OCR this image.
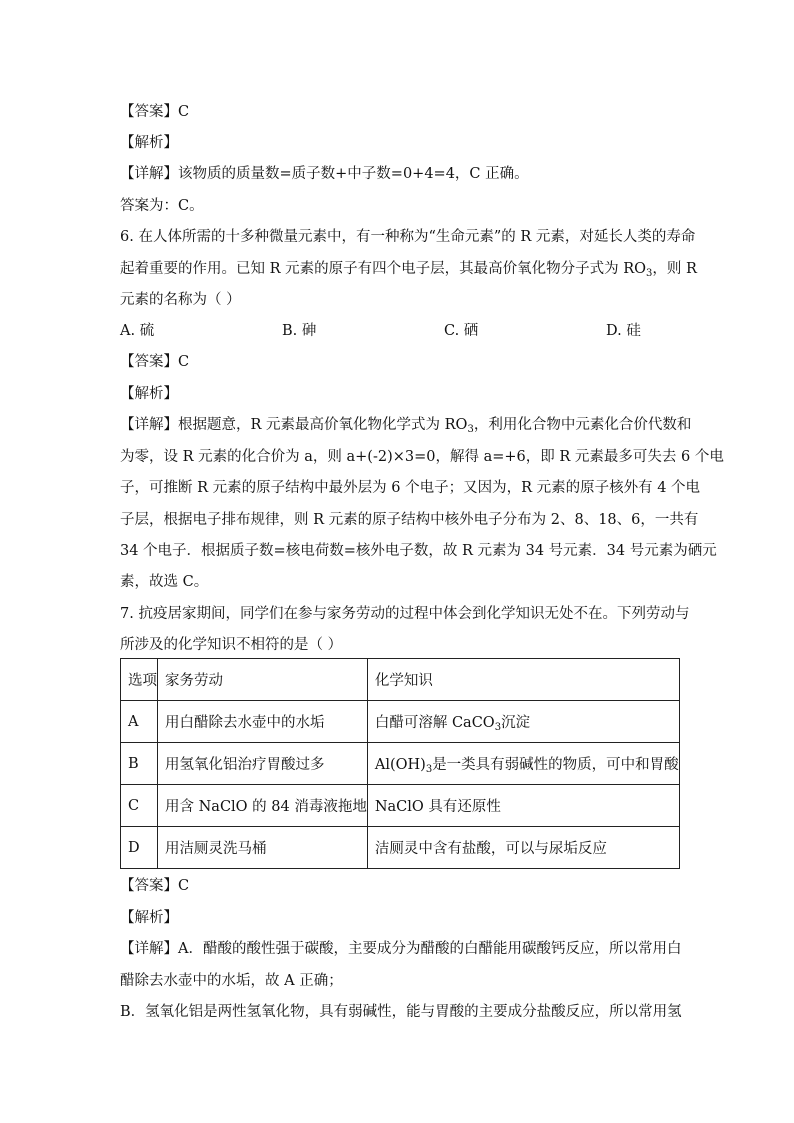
【答案】C
【解析】
【详解】该物质的质量数=质子数+中子数=0+4=4，C 正确。
答案为：C。
6. 在人体所需的十多种微量元素中，有一种称为“生命元素”的 R 元素，对延长人类的寿命
起着重要的作用。已知 R 元素的原子有四个电子层，其最高价氧化物分子式为 $RO_3$，则 R
元素的名称为（ ）
A. 硫	B. 砷	C. 硒	D. 硅
【答案】C
【解析】
【详解】根据题意，R 元素最高价氧化物化学式为 $RO_3$，利用化合物中元素化合价代数和
为零，设 R 元素的化合价为 a，则 a+(-2)×3=0，解得 a=+6，即 R 元素最多可失去 6 个电
子，可推断 R 元素的原子结构中最外层为 6 个电子；又因为，R 元素的原子核外有 4 个电
子层，根据电子排布规律，则 R 元素的原子结构中核外电子分布为 2、8、18、6，一共有
34 个电子．根据质子数=核电荷数=核外电子数，故 R 元素为 34 号元素．34 号元素为硒元
素，故选 C。
7. 抗疫居家期间，同学们在参与家务劳动的过程中体会到化学知识无处不在。下列劳动与
所涉及的化学知识不相符的是（ ）
选项	家务劳动	化学知识
A	用白醋除去水壶中的水垢	白醋可溶解 CaCO$_3$沉淀
B	用氢氧化铝治疗胃酸过多	$Al(OH)_3$是一类具有弱碱性的物质，可中和胃酸
C	用含 NaClO 的 84 消毒液拖地	NaClO 具有还原性
D	用洁厕灵洗马桶	洁厕灵中含有盐酸，可以与尿垢反应
【答案】C
【解析】
【详解】A．醋酸的酸性强于碳酸，主要成分为醋酸的白醋能用碳酸钙反应，所以常用白
醋除去水壶中的水垢，故 A 正确；
B．氢氧化铝是两性氢氧化物，具有弱碱性，能与胃酸的主要成分盐酸反应，所以常用氢
